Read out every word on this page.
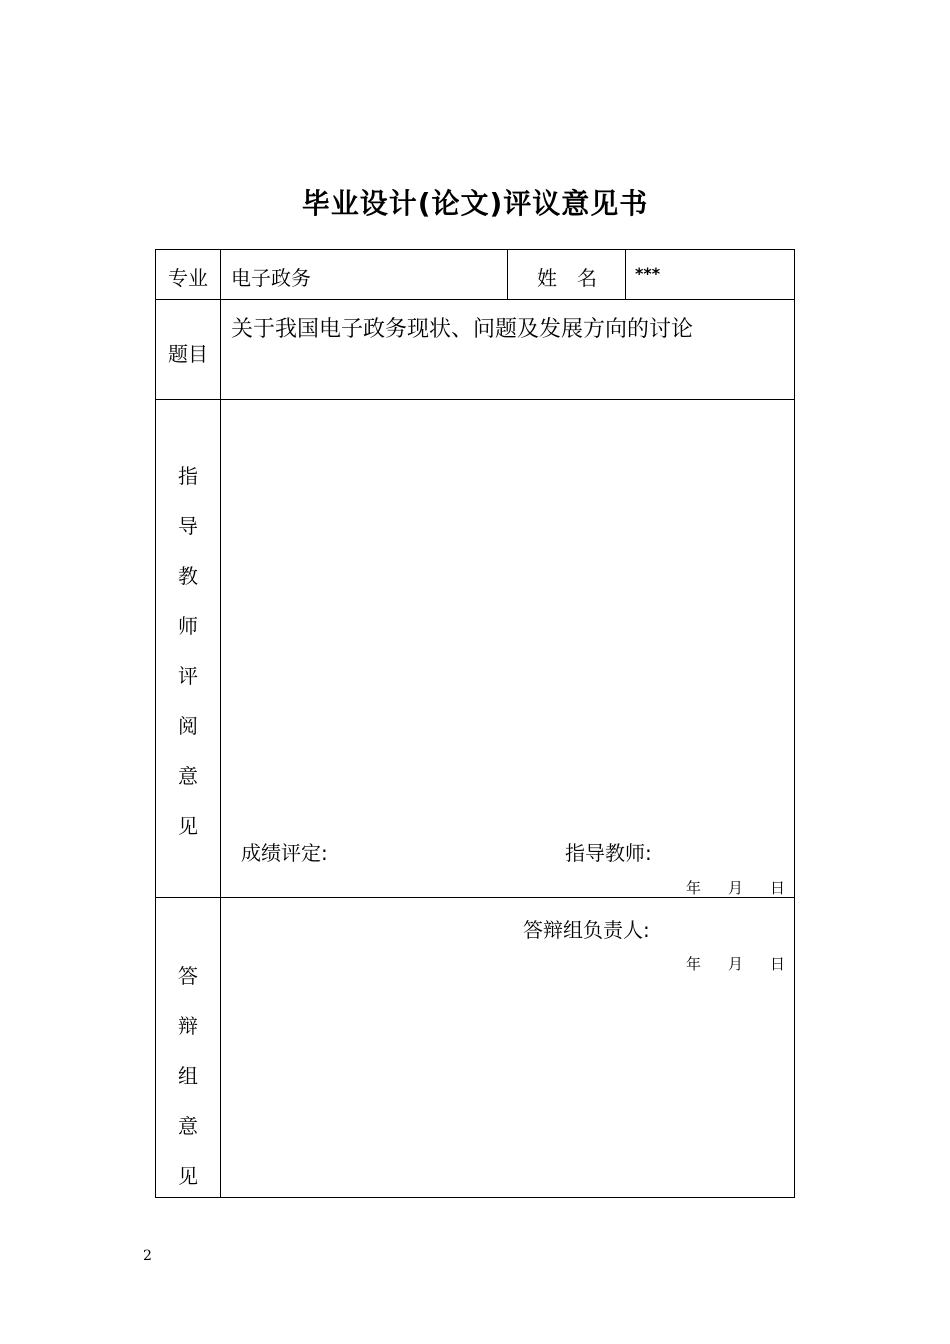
毕业设计(论文)评议意见书
专业	电子政务	姓　名	***
题目
关于我国电子政务现状、问题及发展方向的讨论
指
导
教
师
评
阅
意
见
成绩评定:	指导教师:
年 月 日
答
辩
组
意
见
答辩组负责人:
年 月 日
2
